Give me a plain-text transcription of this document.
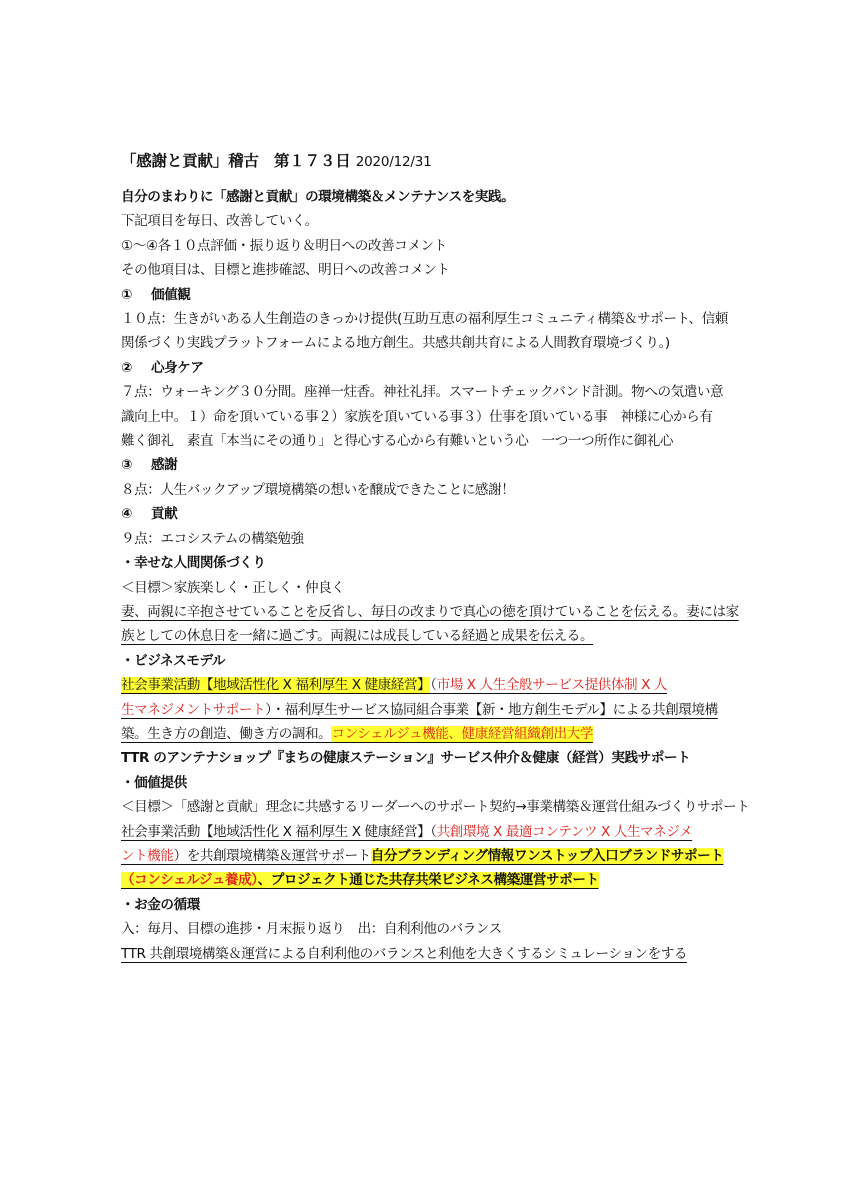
「感謝と貢献」稽古　第１７３日 2020/12/31
自分のまわりに「感謝と貢献」の環境構築＆メンテナンスを実践。
下記項目を毎日、改善していく。
①～④各１０点評価・振り返り＆明日への改善コメント
その他項目は、目標と進捗確認、明日への改善コメント
① 価値観
１０点：生きがいある人生創造のきっかけ提供(互助互恵の福利厚生コミュニティ構築＆サポート、信頼
関係づくり実践プラットフォームによる地方創生。共感共創共育による人間教育環境づくり。)
② 心身ケア
７点：ウォーキング３０分間。座禅一炷香。神社礼拝。スマートチェックバンド計測。物への気遣い意
識向上中。１）命を頂いている事２）家族を頂いている事３）仕事を頂いている事　神様に心から有
難く御礼　素直「本当にその通り」と得心する心から有難いという心　一つ一つ所作に御礼心
③ 感謝
８点：人生バックアップ環境構築の想いを醸成できたことに感謝！
④ 貢献
９点：エコシステムの構築勉強
・幸せな人間関係づくり
＜目標＞家族楽しく・正しく・仲良く
妻、両親に辛抱させていることを反省し、毎日の改まりで真心の徳を頂けていることを伝える。妻には家
族としての休息日を一緒に過ごす。両親には成長している経過と成果を伝える。
・ビジネスモデル
社会事業活動【地域活性化 X 福利厚生 X 健康経営】（市場 X 人生全般サービス提供体制 X 人
生マネジメントサポート）・福利厚生サービス協同組合事業【新・地方創生モデル】による共創環境構
築。生き方の創造、働き方の調和。コンシェルジュ機能、健康経営組織創出大学
TTR のアンテナショップ『まちの健康ステーション』サービス仲介＆健康（経営）実践サポート
・価値提供
＜目標＞「感謝と貢献」理念に共感するリーダーへのサポート契約→事業構築＆運営仕組みづくりサポート
社会事業活動【地域活性化 X 福利厚生 X 健康経営】（共創環境 X 最適コンテンツ X 人生マネジメ
ント機能）を共創環境構築＆運営サポート自分ブランディング情報ワンストップ入口ブランドサポート
（コンシェルジュ養成）、プロジェクト通じた共存共栄ビジネス構築運営サポート
・お金の循環
入：毎月、目標の進捗・月末振り返り　出：自利利他のバランス
TTR 共創環境構築＆運営による自利利他のバランスと利他を大きくするシミュレーションをする
